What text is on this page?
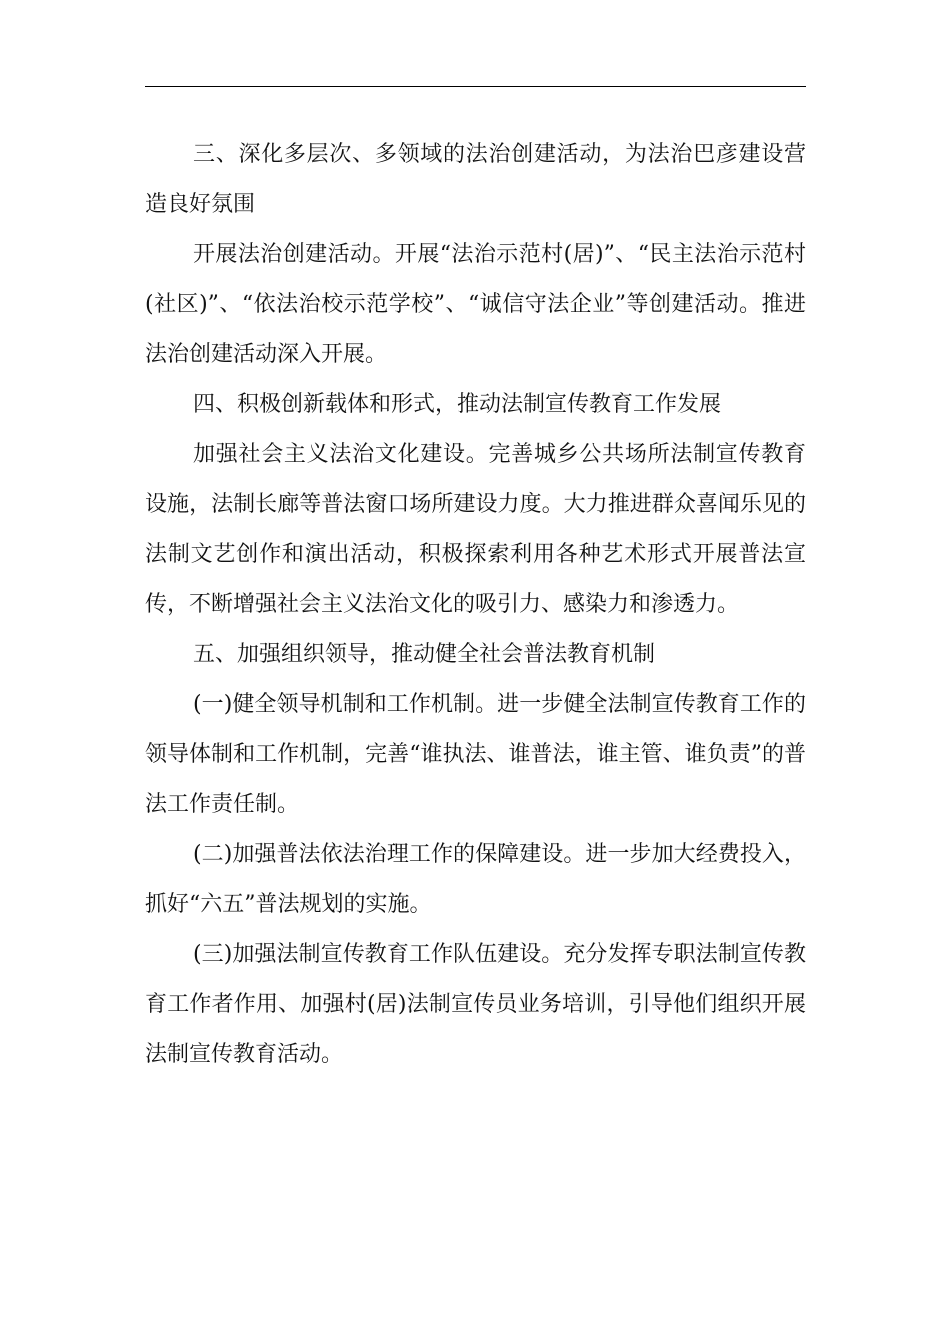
三、深化多层次、多领域的法治创建活动，为法治巴彦建设营造良好氛围

开展法治创建活动。开展“法治示范村(居)”、“民主法治示范村(社区)”、“依法治校示范学校”、“诚信守法企业”等创建活动。推进法治创建活动深入开展。

四、积极创新载体和形式，推动法制宣传教育工作发展

加强社会主义法治文化建设。完善城乡公共场所法制宣传教育设施，法制长廊等普法窗口场所建设力度。大力推进群众喜闻乐见的法制文艺创作和演出活动，积极探索利用各种艺术形式开展普法宣传，不断增强社会主义法治文化的吸引力、感染力和渗透力。

五、加强组织领导，推动健全社会普法教育机制

(一)健全领导机制和工作机制。进一步健全法制宣传教育工作的领导体制和工作机制，完善“谁执法、谁普法，谁主管、谁负责”的普法工作责任制。

(二)加强普法依法治理工作的保障建设。进一步加大经费投入，抓好“六五”普法规划的实施。

(三)加强法制宣传教育工作队伍建设。充分发挥专职法制宣传教育工作者作用、加强村(居)法制宣传员业务培训，引导他们组织开展法制宣传教育活动。
